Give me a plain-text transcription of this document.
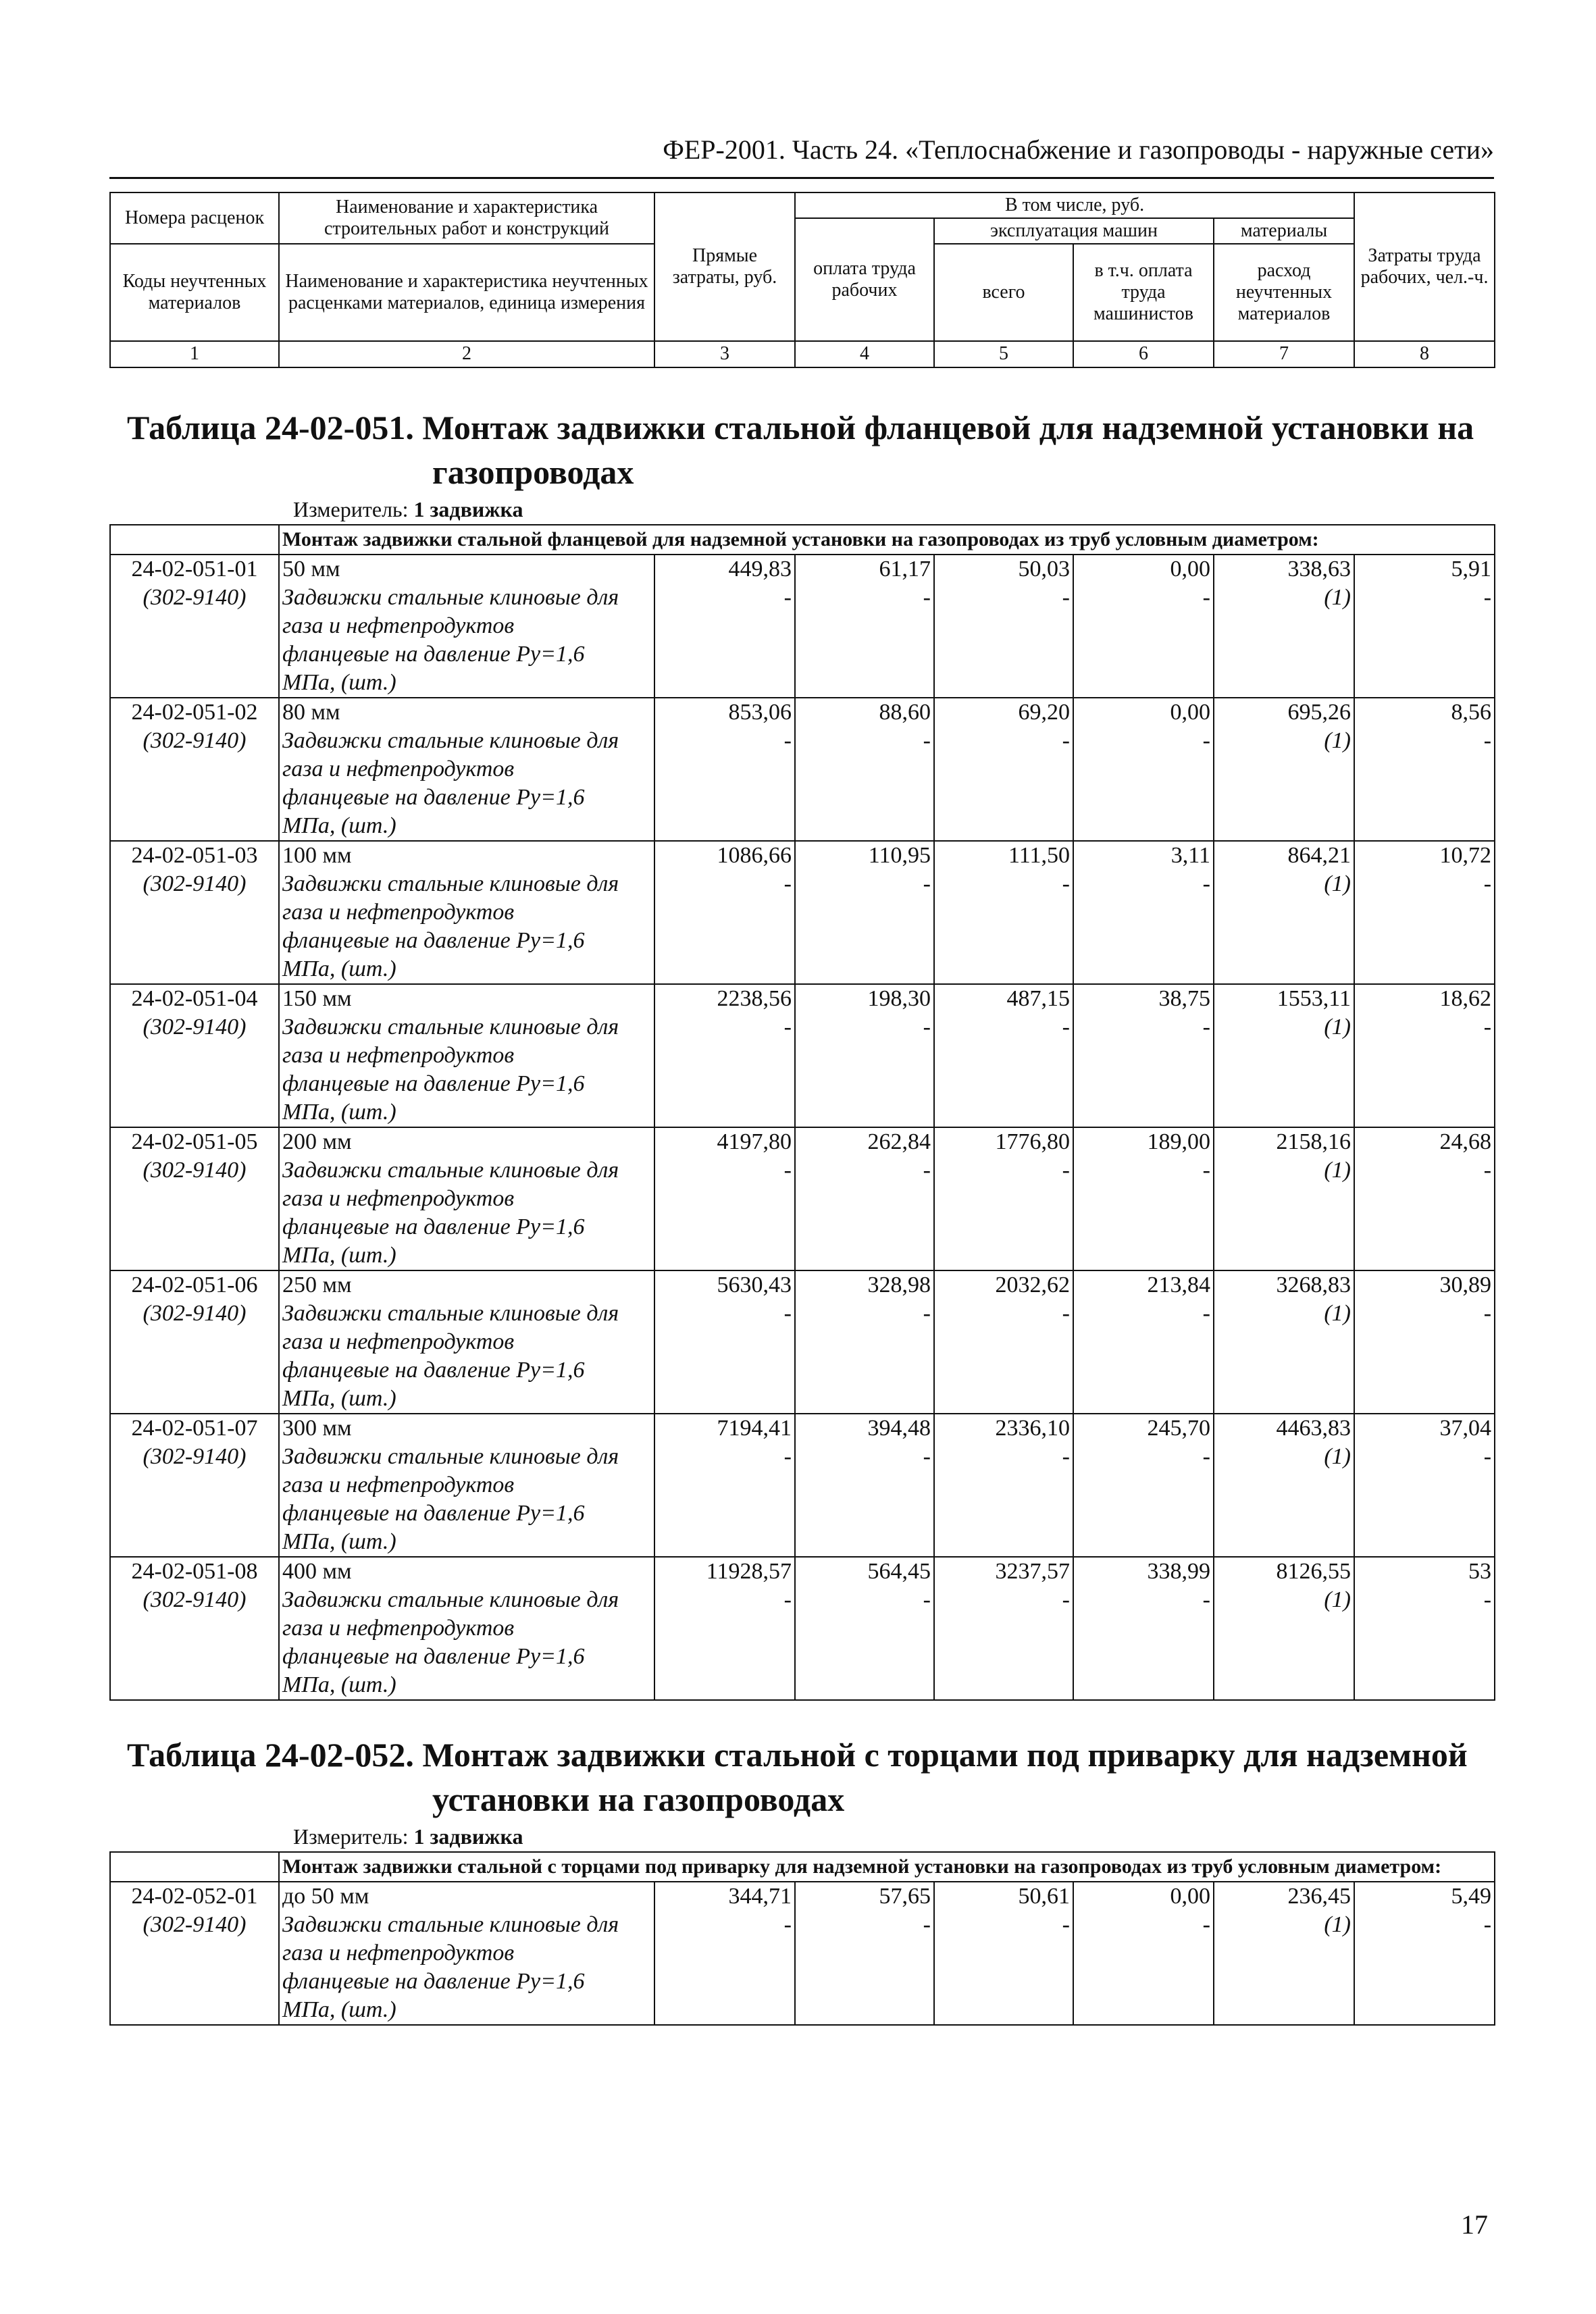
ФЕР-2001. Часть 24. «Теплоснабжение и газопроводы - наружные сети»
Номера расценок	Наименование и характеристика строительных работ и конструкций	Прямые затраты, руб.	В том числе, руб.				Затраты труда рабочих, чел.-ч.
			оплата труда рабочих	эксплуатация машин		материалы	
Коды неучтенных материалов	Наименование и характеристика неучтенных расценками материалов, единица измерения			всего	в т.ч. оплата труда машинистов	расход неучтенных материалов	
1	2	3	4	5	6	7	8
Таблица 24-02-051. Монтаж задвижки стальной фланцевой для надземной установки на
газопроводах
Измеритель: 1 задвижка
	Монтаж задвижки стальной фланцевой для надземной установки на газопроводах из труб условным диаметром:						
24-02-051-01	50 мм	449,83	61,17	50,03	0,00	338,63	5,91
(302-9140)	Задвижки стальные клиновые для	-	-	-	-	(1)	-
	газа и нефтепродуктов						
	фланцевые на давление Ру=1,6						
	МПа, (шт.)						
24-02-051-02	80 мм	853,06	88,60	69,20	0,00	695,26	8,56
(302-9140)	Задвижки стальные клиновые для	-	-	-	-	(1)	-
	газа и нефтепродуктов						
	фланцевые на давление Ру=1,6						
	МПа, (шт.)						
24-02-051-03	100 мм	1086,66	110,95	111,50	3,11	864,21	10,72
(302-9140)	Задвижки стальные клиновые для	-	-	-	-	(1)	-
	газа и нефтепродуктов						
	фланцевые на давление Ру=1,6						
	МПа, (шт.)						
24-02-051-04	150 мм	2238,56	198,30	487,15	38,75	1553,11	18,62
(302-9140)	Задвижки стальные клиновые для	-	-	-	-	(1)	-
	газа и нефтепродуктов						
	фланцевые на давление Ру=1,6						
	МПа, (шт.)						
24-02-051-05	200 мм	4197,80	262,84	1776,80	189,00	2158,16	24,68
(302-9140)	Задвижки стальные клиновые для	-	-	-	-	(1)	-
	газа и нефтепродуктов						
	фланцевые на давление Ру=1,6						
	МПа, (шт.)						
24-02-051-06	250 мм	5630,43	328,98	2032,62	213,84	3268,83	30,89
(302-9140)	Задвижки стальные клиновые для	-	-	-	-	(1)	-
	газа и нефтепродуктов						
	фланцевые на давление Ру=1,6						
	МПа, (шт.)						
24-02-051-07	300 мм	7194,41	394,48	2336,10	245,70	4463,83	37,04
(302-9140)	Задвижки стальные клиновые для	-	-	-	-	(1)	-
	газа и нефтепродуктов						
	фланцевые на давление Ру=1,6						
	МПа, (шт.)						
24-02-051-08	400 мм	11928,57	564,45	3237,57	338,99	8126,55	53
(302-9140)	Задвижки стальные клиновые для	-	-	-	-	(1)	-
	газа и нефтепродуктов						
	фланцевые на давление Ру=1,6						
	МПа, (шт.)						
Таблица 24-02-052. Монтаж задвижки стальной с торцами под приварку для надземной
установки на газопроводах
Измеритель: 1 задвижка
	Монтаж задвижки стальной с торцами под приварку для надземной установки на газопроводах из труб условным диаметром:						
24-02-052-01	до 50 мм	344,71	57,65	50,61	0,00	236,45	5,49
(302-9140)	Задвижки стальные клиновые для	-	-	-	-	(1)	-
	газа и нефтепродуктов						
	фланцевые на давление Ру=1,6						
	МПа, (шт.)						
17
